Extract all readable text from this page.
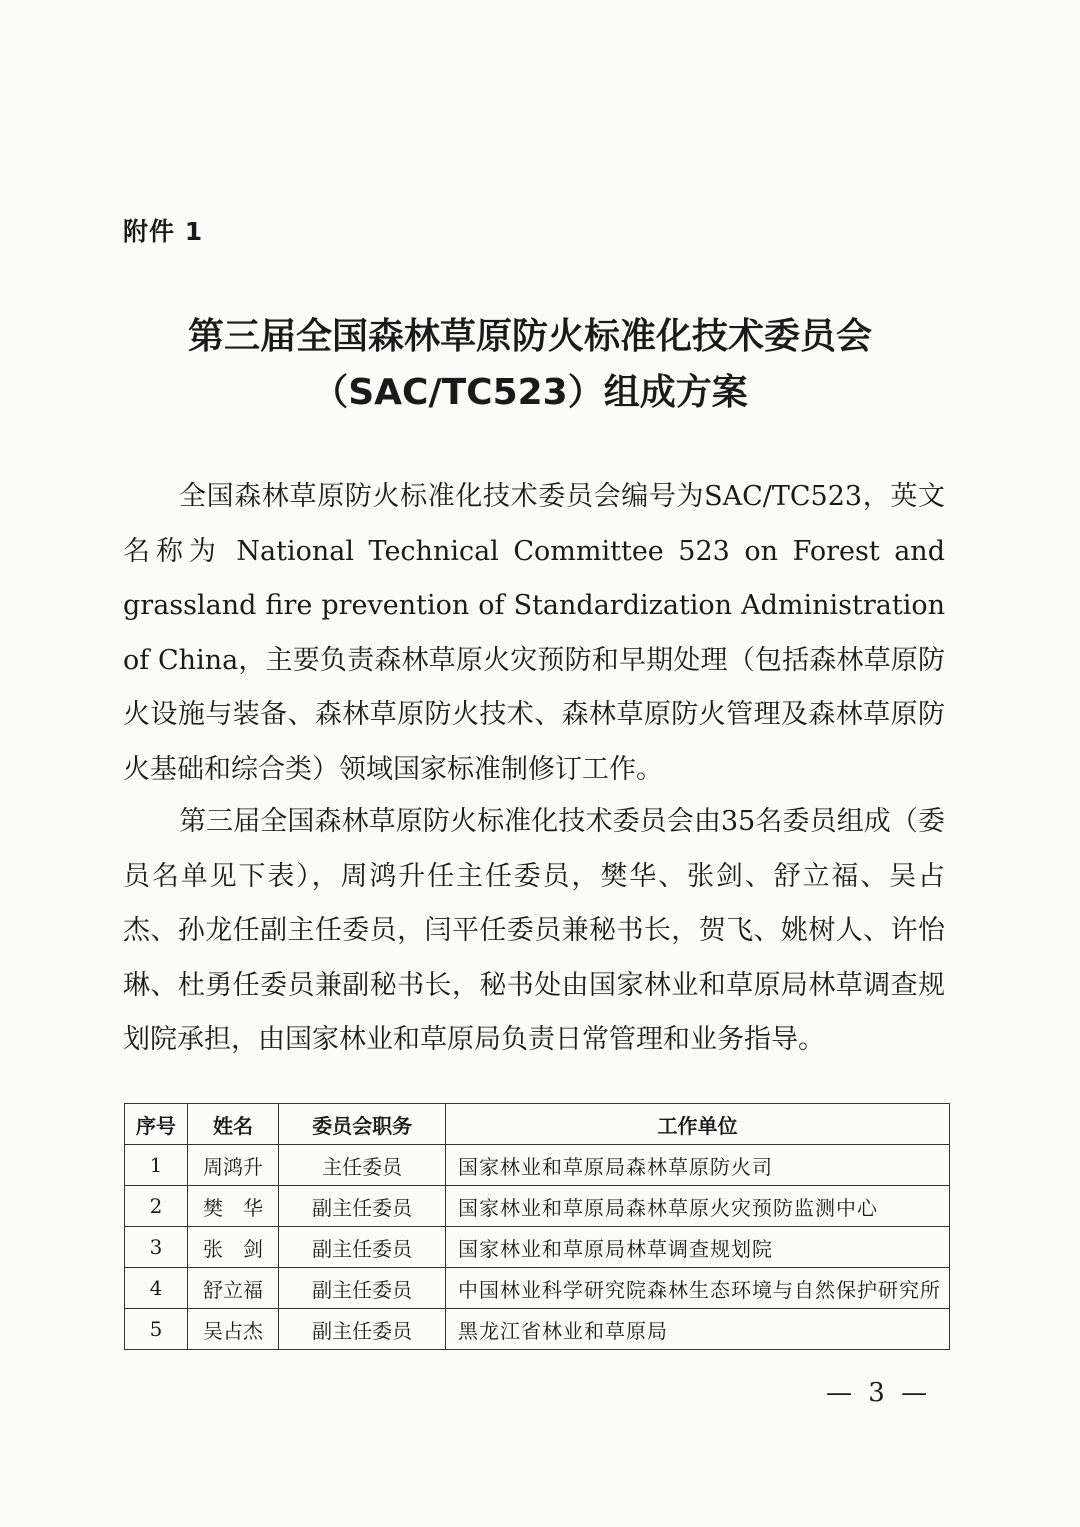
附件 1

第三届全国森林草原防火标准化技术委员会
（SAC/TC523）组成方案

全国森林草原防火标准化技术委员会编号为SAC/TC523，英文名称为 National Technical Committee 523 on Forest and grassland fire prevention of Standardization Administration of China，主要负责森林草原火灾预防和早期处理（包括森林草原防火设施与装备、森林草原防火技术、森林草原防火管理及森林草原防火基础和综合类）领域国家标准制修订工作。

第三届全国森林草原防火标准化技术委员会由35名委员组成（委员名单见下表），周鸿升任主任委员，樊华、张剑、舒立福、吴占杰、孙龙任副主任委员，闫平任委员兼秘书长，贺飞、姚树人、许怡琳、杜勇任委员兼副秘书长，秘书处由国家林业和草原局林草调查规划院承担，由国家林业和草原局负责日常管理和业务指导。

序号	姓名	委员会职务	工作单位
1	周鸿升	主任委员	国家林业和草原局森林草原防火司
2	樊　华	副主任委员	国家林业和草原局森林草原火灾预防监测中心
3	张　剑	副主任委员	国家林业和草原局林草调查规划院
4	舒立福	副主任委员	中国林业科学研究院森林生态环境与自然保护研究所
5	吴占杰	副主任委员	黑龙江省林业和草原局

— 3 —
